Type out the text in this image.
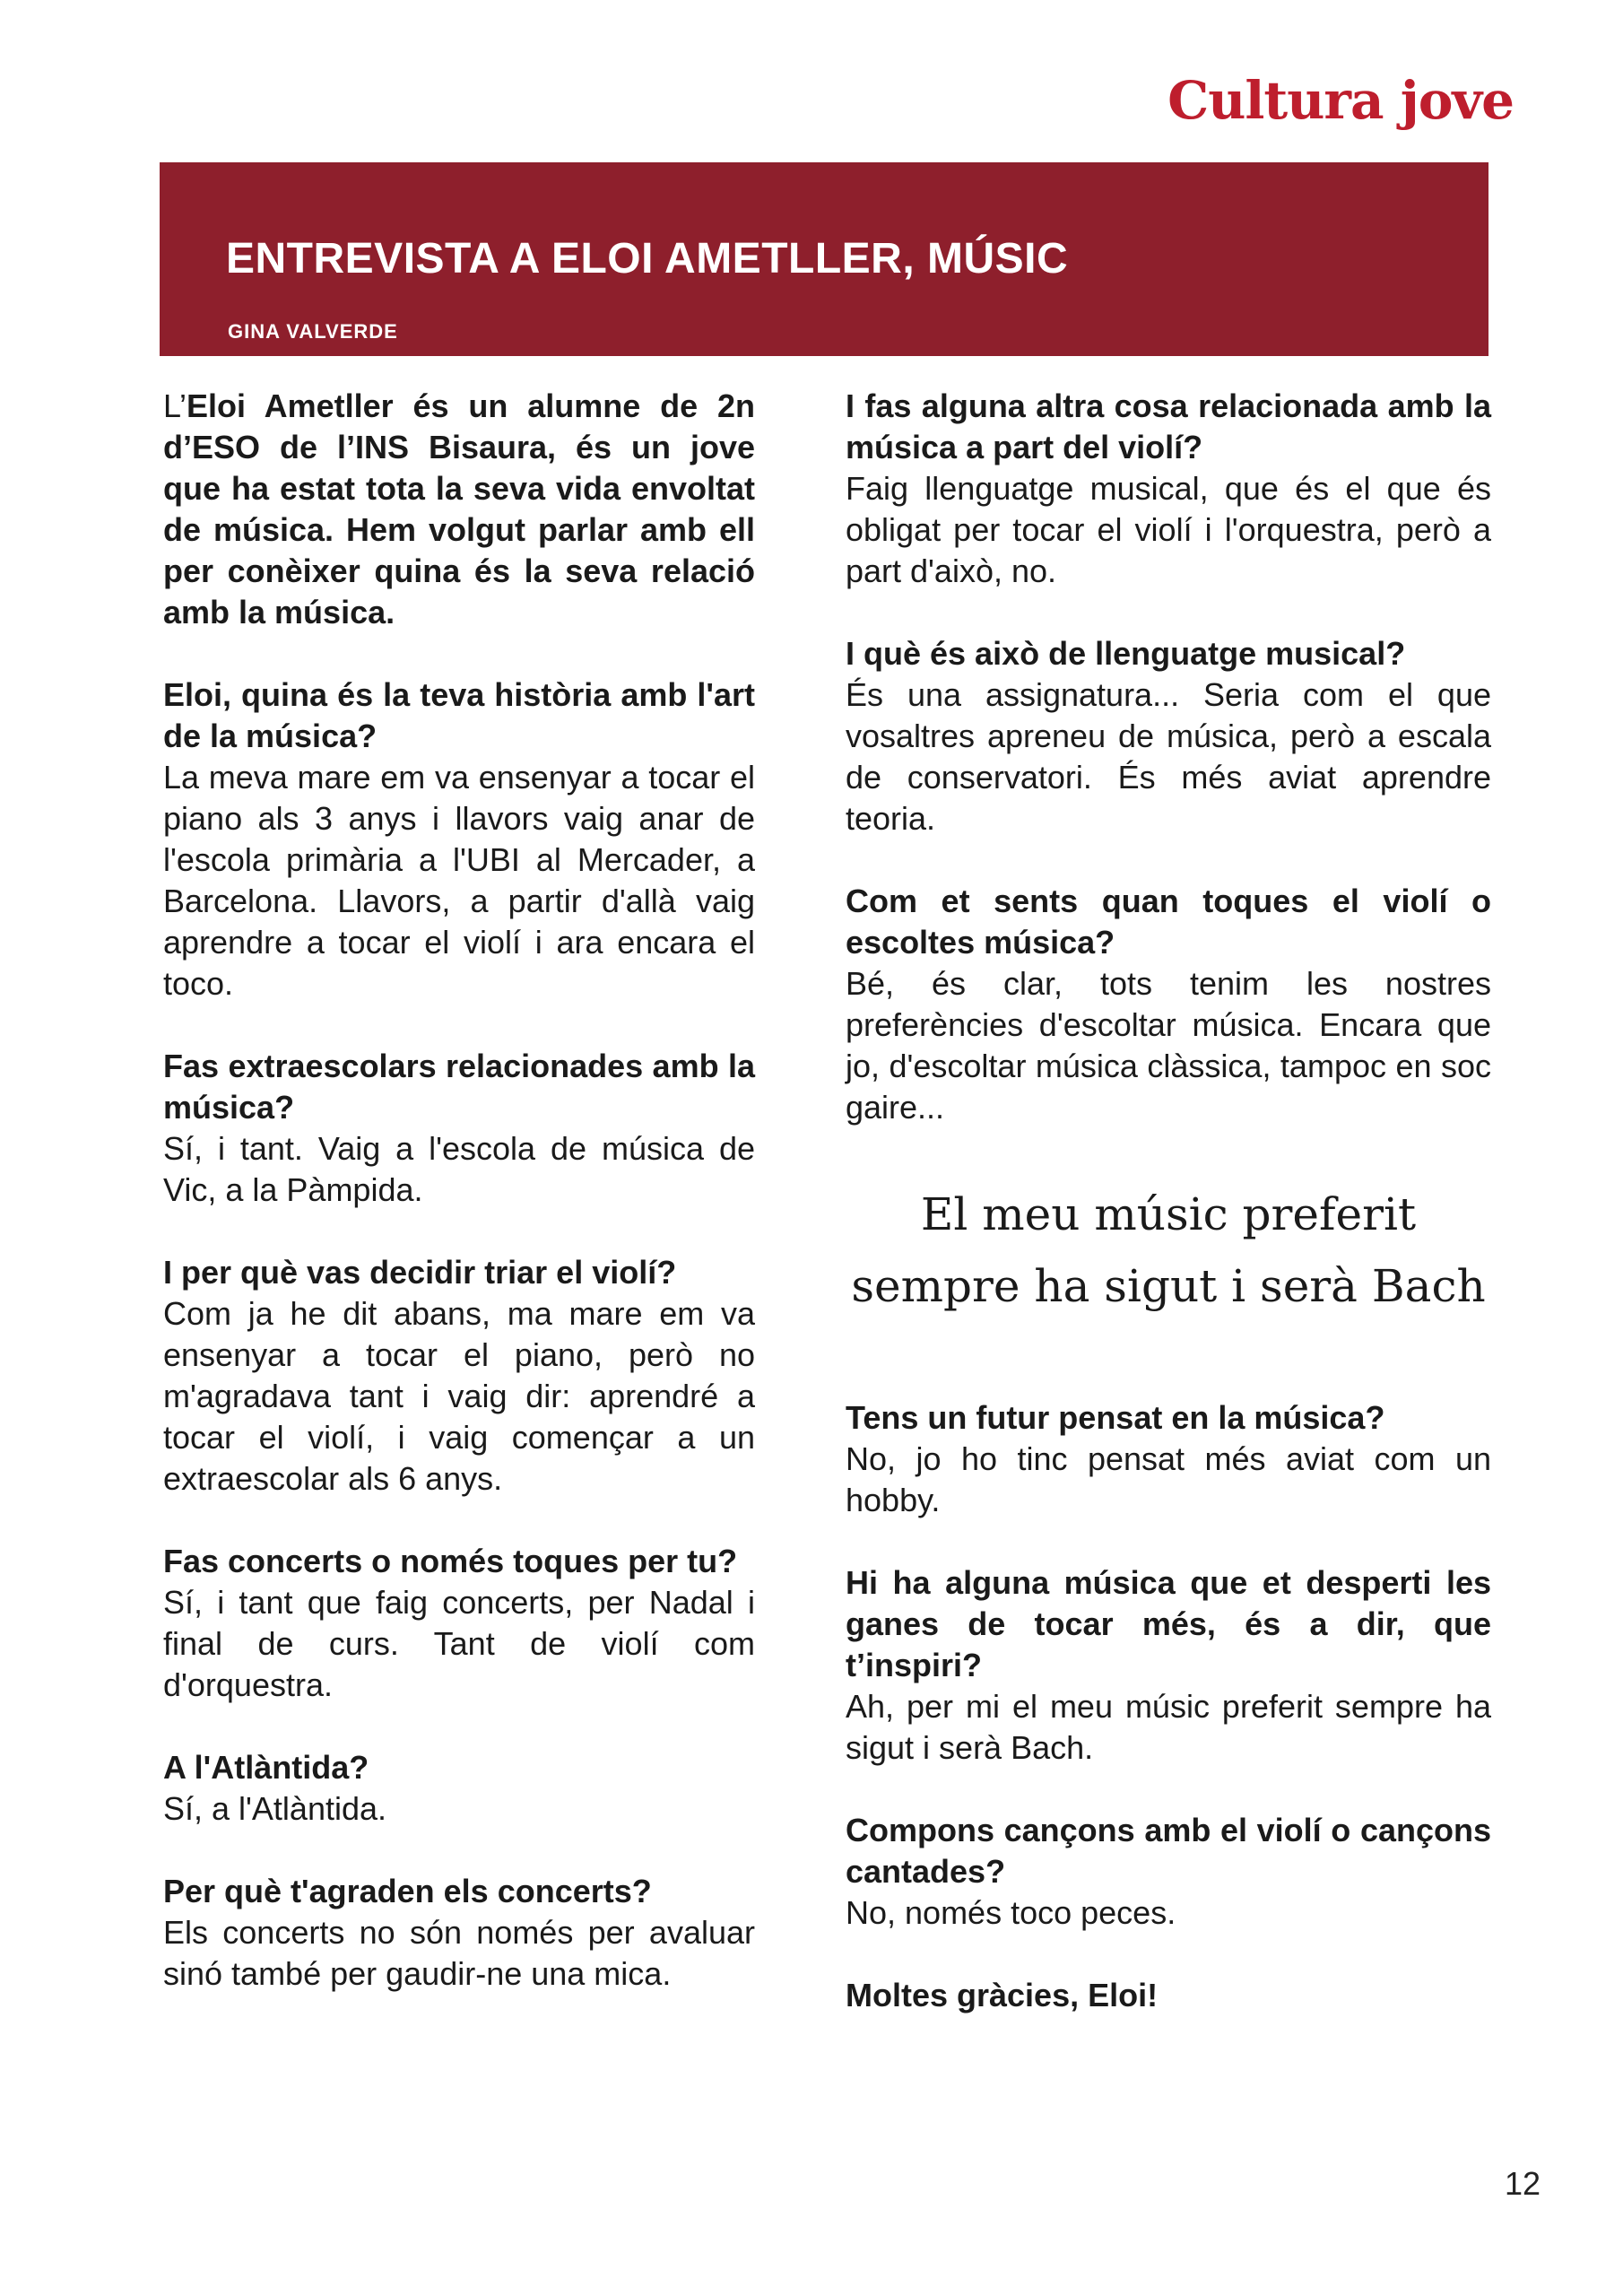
Cultura jove
ENTREVISTA A ELOI AMETLLER, MÚSIC
GINA VALVERDE

L’Eloi Ametller és un alumne de 2n d’ESO de l’INS Bisaura, és un jove que ha estat tota la seva vida envoltat de música. Hem volgut parlar amb ell per conèixer quina és la seva relació amb la música.

Eloi, quina és la teva història amb l'art de la música?

La meva mare em va ensenyar a tocar el piano als 3 anys i llavors vaig anar de l'escola primària a l'UBI al Mercader, a Barcelona. Llavors, a partir d'allà vaig aprendre a tocar el violí i ara encara el toco.

Fas extraescolars relacionades amb la música?

Sí, i tant. Vaig a l'escola de música de Vic, a la Pàmpida.

I per què vas decidir triar el violí?

Com ja he dit abans, ma mare em va ensenyar a tocar el piano, però no m'agradava tant i vaig dir: aprendré a tocar el violí, i vaig començar a un extraescolar als 6 anys.

Fas concerts o només toques per tu?

Sí, i tant que faig concerts, per Nadal i final de curs. Tant de violí com d'orquestra.

A l'Atlàntida?

Sí, a l'Atlàntida.

Per què t'agraden els concerts?

Els concerts no són només per avaluar sinó també per gaudir-ne una mica.

I fas alguna altra cosa relacionada amb la música a part del violí?

Faig llenguatge musical, que és el que és obligat per tocar el violí i l'orquestra, però a part d'això, no.

I què és això de llenguatge musical?

És una assignatura... Seria com el que vosaltres apreneu de música, però a escala de conservatori. És més aviat aprendre teoria.

Com et sents quan toques el violí o escoltes música?

Bé, és clar, tots tenim les nostres preferències d'escoltar música. Encara que jo, d'escoltar música clàssica, tampoc en soc gaire...

El meu músic preferit sempre ha sigut i serà Bach

Tens un futur pensat en la música?

No, jo ho tinc pensat més aviat com un hobby.

Hi ha alguna música que et desperti les ganes de tocar més, és a dir, que t’inspiri?

Ah, per mi el meu músic preferit sempre ha sigut i serà Bach.

Compons cançons amb el violí o cançons cantades?

No, només toco peces.

Moltes gràcies, Eloi!

12
